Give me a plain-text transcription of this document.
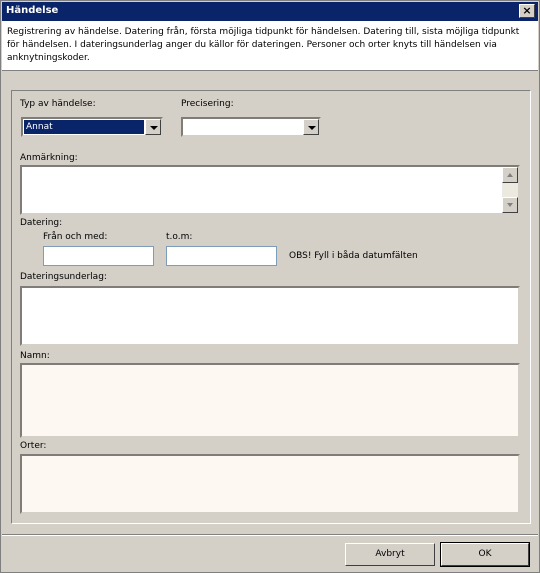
Händelse	×
Registrering av händelse. Datering från, första möjliga tidpunkt för händelsen. Datering till, sista möjliga tidpunkt för händelsen. I dateringsunderlag anger du källor för dateringen. Personer och orter knyts till händelsen via anknytningskoder.
Typ av händelse:
Annat
Precisering:
Anmärkning:
Datering:
Från och med:	t.o.m:
OBS! Fyll i båda datumfälten
Dateringsunderlag:
Namn:
Orter:
Avbryt	OK
